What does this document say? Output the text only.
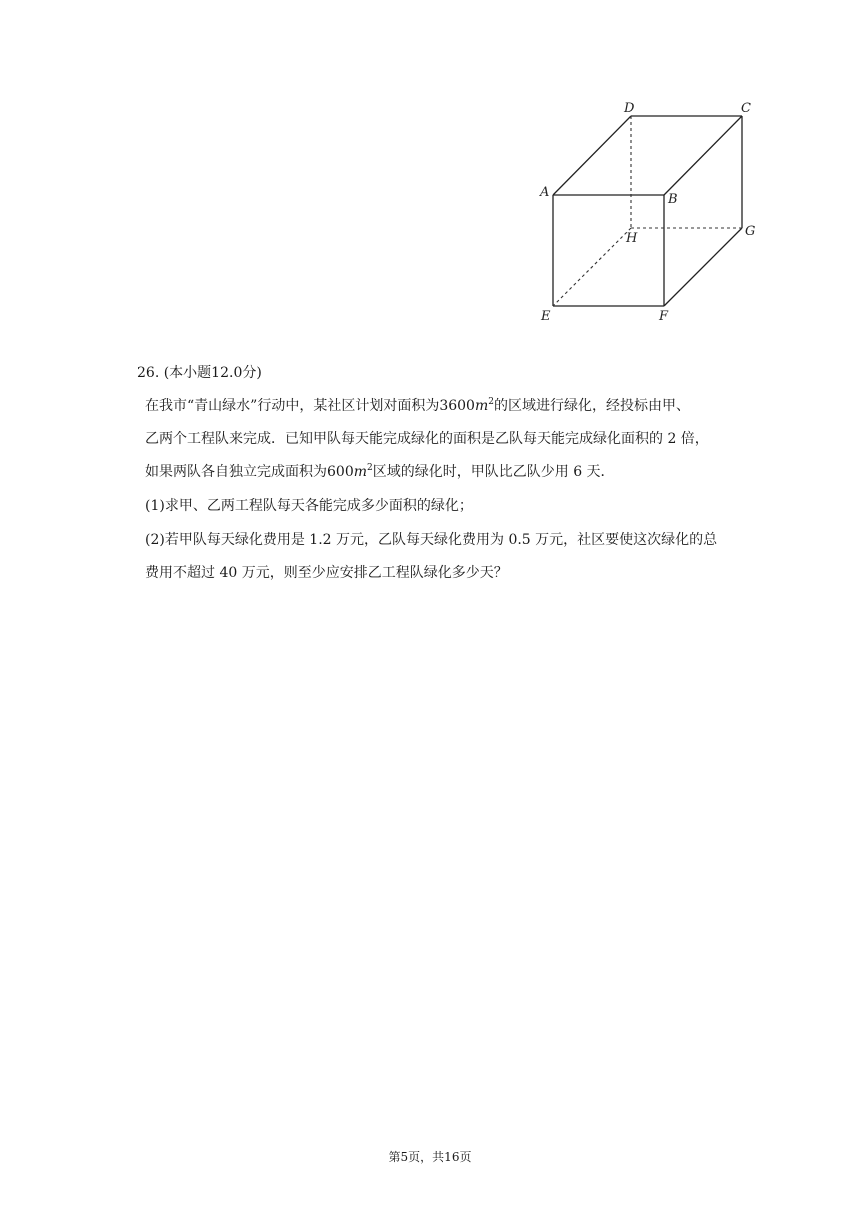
D	C
A	B
H	G
E	F
26. (本小题12.0分)
在我市“青山绿水”行动中，某社区计划对面积为$3600m^2$的区域进行绿化，经投标由甲、
乙两个工程队来完成．已知甲队每天能完成绿化的面积是乙队每天能完成绿化面积的 2 倍，
如果两队各自独立完成面积为$600m^2$区域的绿化时，甲队比乙队少用 6 天．
(1)求甲、乙两工程队每天各能完成多少面积的绿化；
(2)若甲队每天绿化费用是 1.2 万元，乙队每天绿化费用为 0.5 万元，社区要使这次绿化的总
费用不超过 40 万元，则至少应安排乙工程队绿化多少天？
第5页，共16页
